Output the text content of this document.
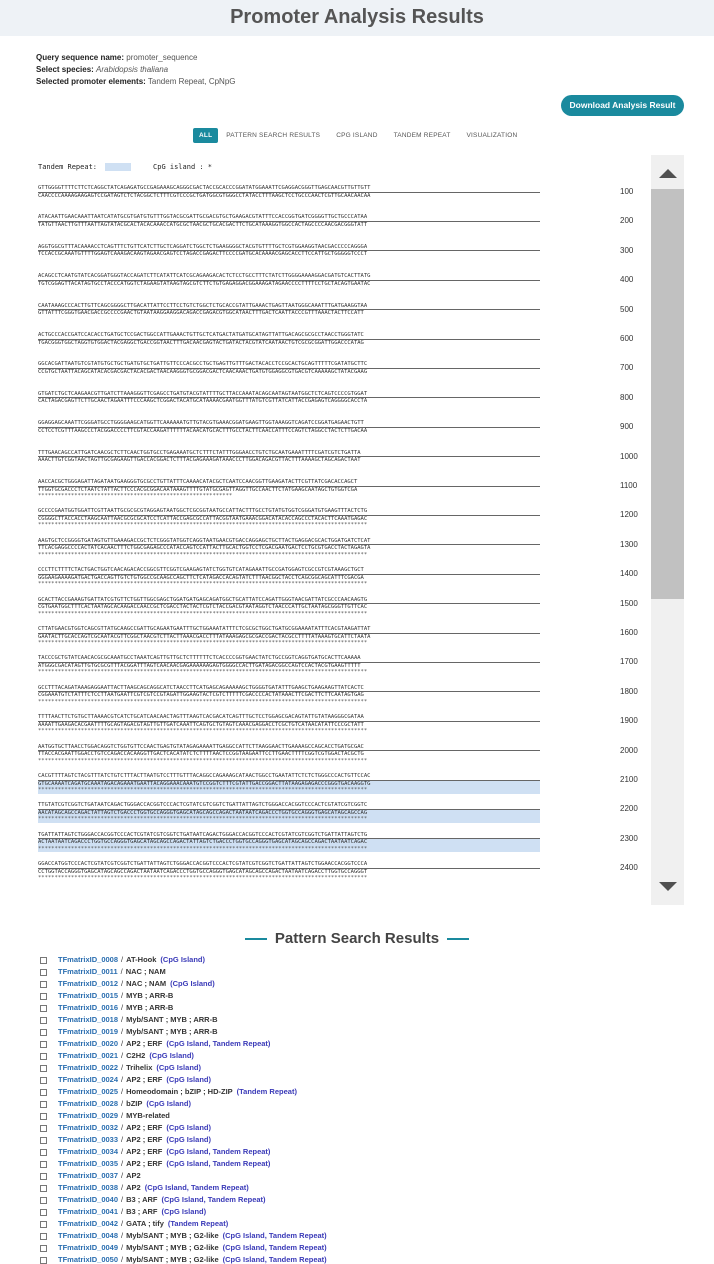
Promoter Analysis Results
Query sequence name: promoter_sequence
Select species: Arabidopsis thaliana
Selected promoter elements: Tandem Repeat, CpNpG
Download Analysis Result
ALL	PATTERN SEARCH RESULTS	CPG ISLAND	TANDEM REPEAT	VISUALIZATION
Tandem Repeat:	CpG island : *
GTTGGGGTTTTCTTCTCAGGCTATCAGAGATGCCGAGAAAGCAGGGCGACTACCGCACCCGGATATGGAAATTCGAGGACGGGTTGAGCAACGTTGTTGTT
CAACCCCAAAAGAAGAGTCCGATAGTCTCTACGGCTCTTTCGTCCCGCTGATGGCGTGGGCCTATACCTTTAAGCTCCTGCCCAACTCGTTGCAACAACAA
	100
ATACAATTGAACAAATTAATCATATGCGTGATGTGTTTGGTACGCGATTGCGACGTGCTGAAGACGTATTTCCACCGGTGATCGGGGTTGCTGCCCATAA
TATGTTAACTTGTTTAATTAGTATACGCACTACACAAACCATGCGCTAACGCTGCACGACTTCTGCATAAAGGTGGCCACTAGCCCCAACGACGGGTATT
	200
AGGTGGCGTTTACAAAACCTCAGTTTCTGTTCATCTTGCTCAGGATCTGGCTCTGAAGGGGCTACGTGTTTTGCTCGTGGAAGGTAACGACCCCCAGGGA
TCCACCGCAAATGTTTTGGAGTCAAAGACAAGTAGAACGAGTCCTAGACCGAGACTTCCCCGATGCACAAAACGAGCACCTTCCATTGCTGGGGGTCCCT
	300
ACAGCCTCAATGTATCACGGATGGGTACCAGATCTTCATATTCATCGCAGAAGACACTCTCCTGCCTTTCTATCTTGGGGAAAAGGACGATGTCACTTATG
TGTCGGAGTTACATAGTGCCTACCCATGGTCTAGAAGTATAAGTAGCGTCTTCTGTGAGAGGACGGAAAGATAGAACCCCTTTTCCTGCTACAGTGAATAC
	400
CAATAAAGCCCACTTGTTCAGCGGGGCTTGACATTATTCCTTCCTGTCTGGCTCTGCACCGTATTGAAACTGAGTTAATGGGCAAATTTGATGAAGGTAA
GTTATTTCGGGTGAACGACCGCCCCGAACTGTAATAAGGAAGGACAGACCGAGACGTGGCATAACTTTGACTCAATTACCCGTTTAAACTACTTCCATT
	500
ACTGCCCACCGATCCACACCTGATGCTCCGACTGGCCATTGAAACTGTTGCTCATGACTATGATGCATAGTTATTGACAGCGCGCCTAACCTGGGTATC
TGACGGGTGGCTAGGTGTGGACTACGAGGCTGACCGGTAACTTTGACAACGAGTACTGATACTACGTATCAATAACTGTCGCGCGGATTGGACCCATAG
	600
GGCACGATTAATGTCGTATGTGCTGCTGATGTGCTGATTGTTCCCACGCCTGCTGAGTTGTTTGACTACACCTCCGCACTGCAGTTTTTCGATATGCTTC
CCGTGCTAATTACAGCATACACGACGACTACACGACTAACAAGGGTGCGGACGACTCAACAAACTGATGTGGAGGCGTGACGTCAAAAAGCTATACGAAG
	700
GTGATCTGCTCAAGAACGTTGATCTTAAAGGGTTCGAGCCTGATGTACGTATTTTGCTTACCAAATACAGCAATAGTAATGGCTCTCAGTCCCCGTGGAT
CACTAGACGAGTTCTTGCAACTAGAATTTCCCAAGCTCGGACTACATGCATAAAACGAATGGTTTATGTCGTTATCATTACCGAGAGTCAGGGGCACCTA
	800
GGAGGAGCAAATTCGGGATGCCTGGGGAAGCATGGTTCAAAAAATGTTGTACGTGAAACGGATGAAGTTGGTAAAGGTCAGATCCGGATGAGAACTGTT
CCTCCTCGTTTAAGCCCTACGGACCCCTTCGTACCAAGATTTTTTACAACATGCACTTTGCCTACTTCAACCATTTCCAGTCTAGGCCTACTCTTGACAA
	900
TTTGAACAGCCATTGATCAACGCTCTTCAACTGGTGCCTGAGAAATGCTCTTTCTATTTGGGAACCTGTCTGCAATGAAATTTTCGATCGTCTGATTA
AAACTTGTCGGTAACTAGTTGCGAGAAGTTGACCACGGACTCTTTACGAGAAAGATAAACCCTTGGACAGACGTTACTTTAAAAGCTAGCAGACTAAT
	1000
AACCACGCTGGGAGATTAGATAATGAAGGGTGCGCCTGTTATTTCAAAACATACGCTCAATCCAACGGTTGAAGATACTTCGTTATCGACACCAGCT
TTGGTGCGACCCTCTAATCTATTACTTCCCACGCGGACAATAAAGTTTTGTATGCGAGTTAGGTTGCCAACTTCTATGAAGCAATAGCTGTGGTCGA
***********************************************************
1100
GCCCCGAATGGTGGATTCGTTAATTGCGCGCGTAGGAGTAATGGCTCGCGGTAATGCCATTACTTTGCCTGTATGTGGTCGGGATGTGAAGTTTACTCTG
CGGGGCTTACCACCTAAGCAATTAACGCGCGCATCCTCATTACCGAGCGCCATTACGGTAATGAAACGGACATACACCAGCCCTACACTTCAAATGAGAC
****************************************************************************************************
1200
AAGTGCTCCGGGGTGATAGTGTTGAAAGACCGCTCTCGGGTATGGTCAGGTAATGAACGTGACCAGGAGCTGCTTACTGAGGACGCACTGGATGATCTCAT
TTCACGAGGCCCCACTATCACAACTTTCTGGCGAGAGCCCATACCAGTCCATTACTTGCACTGGTCCTCGACGAATGACTCCTGCGTGACCTACTAGAGTA
****************************************************************************************************
1300
CCCTTCTTTTCTACTGACTGGTCAACAGACACCGGCGTTCGGTCGAAGAGTATCTGGTGTCATAGAAATTGCCGATGGAGTCGCCGTCGTAAAGCTGCT
GGGAAGAAAAGATGACTGACCAGTTGTCTGTGGCCGCAAGCCAGCTTCTCATAGACCACAGTATCTTTAACGGCTACCTCAGCGGCAGCATTTCGACGA
****************************************************************************************************
1400
GCACTTACCGAAAGTGATTATCGTGTTCTGGTTGGCGAGCTGGATGATGAGCAGATGGCTGCATTATCCAGATTGGGTAACGATTATCGCCCAACAAGTG
CGTGAATGGCTTTCACTAATAGCACAAGACCAACCGCTCGACCTACTACTCGTCTACCGACGTAATAGGTCTAACCCATTGCTAATAGCGGGTTGTTCAC
****************************************************************************************************
1500
CTTATGAACGTGGTCAGCGTTATGCAAGCCGATTGCAGAATGAATTTGCTGGAAATATTTCTCGCGCTGGCTGATGCGGAAAATATTTCACGTAAGATTAT
GAATACTTGCACCAGTCGCAATACGTTCGGCTAACGTCTTACTTAAACGACCTTTATAAAGAGCGCGACCGACTACGCCTTTTATAAAGTGCATTCTAATA
****************************************************************************************************
1600
TACCCGCTGTATCAACACGCGCAAATGCCTAAATCAGTTGTTGCTCTTTTTTCTCACCCCGGTGAACTATCTGCCGGTCAGGTGATGCACTTCAAAAA
ATGGGCGACATAGTTGTGCGCGTTTACGGATTTAGTCAACAACGAGAAAAAAGAGTGGGGCCACTTGATAGACGGCCAGTCCACTACGTGAAGTTTTT
****************************************************************************************************
1700
GCCTTTACAGATAAAGAGGAATTACTTAAGCAGCAGGCATCTAACCTTCATGAGCAGAAAAAGCTGGGGTGATATTTGAAGCTGAAGAAGTTATCACTC
CGGAAATGTCTATTTCTCCTTAATGAATTCGTCGTCCGTAGATTGGAAGTACTCGTCTTTTTCGACCCCACTATAAACTTCGACTTCTTCAATAGTGAG
****************************************************************************************************
1800
TTTTAACTTCTGTGCTTAAAACGTCATCTGCATCAACAACTAGTTTAAGTCACGACATCAGTTTGCTCCTGGAGCGACAGTATTGTATAAGGGCGATAA
AAAATTGAAGACACGAATTTTGCAGTAGACGTAGTTGTTGATCAAATTCAGTGCTGTAGTCAAACGAGGACCTCGCTGTCATAACATATTCCCGCTATT
****************************************************************************************************
1900
AATGGTGCTTAACCTGGACAGGTCTGGTGTTCCAACTGAGTGTATAGAGAAAATTGAGGCCATTCTTAAGGAACTTGAAAAGCCAGCACCTGATGCGAC
TTACCACGAATTGGACCTGTCCAGACCACAAGGTTGACTCACATATCTCTTTTAACTCCGGTAAGAATTCCTTGAACTTTTCGGTCGTGGACTACGCTG
****************************************************************************************************
2000
CACGTTTTAGTCTACGTTTATCTGTCTTTACTTAATGTCCTTTGTTTACAGGCCAGAAAGCATAACTGGCCTGAATATTCTCTCTGGGCCCACTGTTCCAC
GTGCAAAATCAGATGCAAATAGACAGAAATGAATTACAGGAAACAAATGTCCGGTCTTTCGTATTGACCGGACTTATAAGAGAGACCCGGGTGACAAGGTG
****************************************************************************************************
2100
TTGTATCGTCGGTCTGATAATCAGACTGGGACCACGGTCCCACTCGTATCGTCGGTCTGATTATTAGTCTGGGACCACGGTCCCACTCGTATCGTCGGTC
AACATAGCAGCCAGACTATTAGTCTGACCCTGGTGCCAGGGTGAGCATAGCAGCCAGACTAATAATCAGACCCTGGTGCCAGGGTGAGCATAGCAGCCAG
****************************************************************************************************
2200
TGATTATTAGTCTGGGACCACGGTCCCACTCGTATCGTCGGTCTGATAATCAGACTGGGACCACGGTCCCACTCGTATCGTCGGTCTGATTATTAGTCTG
ACTAATAATCAGACCCTGGTGCCAGGGTGAGCATAGCAGCCAGACTATTAGTCTGACCCTGGTGCCAGGGTGAGCATAGCAGCCAGACTAATAATCAGAC
****************************************************************************************************
2300
GGACCATGGTCCCACTCGTATCGTCGGTCTGATTATTAGTCTGGGACCACGGTCCCACTCGTATCGTCGGTCTGATTATTAGTCTGGAACCACGGTCCCA
CCTGGTACCAGGGTGAGCATAGCAGCCAGACTAATAATCAGACCCTGGTGCCAGGGTGAGCATAGCAGCCAGACTAATAATCAGACCTTGGTGCCAGGGT
****************************************************************************************************
2400
Pattern Search Results
TFmatrixID_0008 / AT-Hook (CpG Island)
TFmatrixID_0011 / NAC ; NAM
TFmatrixID_0012 / NAC ; NAM (CpG Island)
TFmatrixID_0015 / MYB ; ARR-B
TFmatrixID_0016 / MYB ; ARR-B
TFmatrixID_0018 / Myb/SANT ; MYB ; ARR-B
TFmatrixID_0019 / Myb/SANT ; MYB ; ARR-B
TFmatrixID_0020 / AP2 ; ERF (CpG Island, Tandem Repeat)
TFmatrixID_0021 / C2H2 (CpG Island)
TFmatrixID_0022 / Trihelix (CpG Island)
TFmatrixID_0024 / AP2 ; ERF (CpG Island)
TFmatrixID_0025 / Homeodomain ; bZIP ; HD-ZIP (Tandem Repeat)
TFmatrixID_0028 / bZIP (CpG Island)
TFmatrixID_0029 / MYB-related
TFmatrixID_0032 / AP2 ; ERF (CpG Island)
TFmatrixID_0033 / AP2 ; ERF (CpG Island)
TFmatrixID_0034 / AP2 ; ERF (CpG Island, Tandem Repeat)
TFmatrixID_0035 / AP2 ; ERF (CpG Island, Tandem Repeat)
TFmatrixID_0037 / AP2
TFmatrixID_0038 / AP2 (CpG Island, Tandem Repeat)
TFmatrixID_0040 / B3 ; ARF (CpG Island, Tandem Repeat)
TFmatrixID_0041 / B3 ; ARF (CpG Island)
TFmatrixID_0042 / GATA ; tify (Tandem Repeat)
TFmatrixID_0048 / Myb/SANT ; MYB ; G2-like (CpG Island, Tandem Repeat)
TFmatrixID_0049 / Myb/SANT ; MYB ; G2-like (CpG Island, Tandem Repeat)
TFmatrixID_0050 / Myb/SANT ; MYB ; G2-like (CpG Island, Tandem Repeat)
